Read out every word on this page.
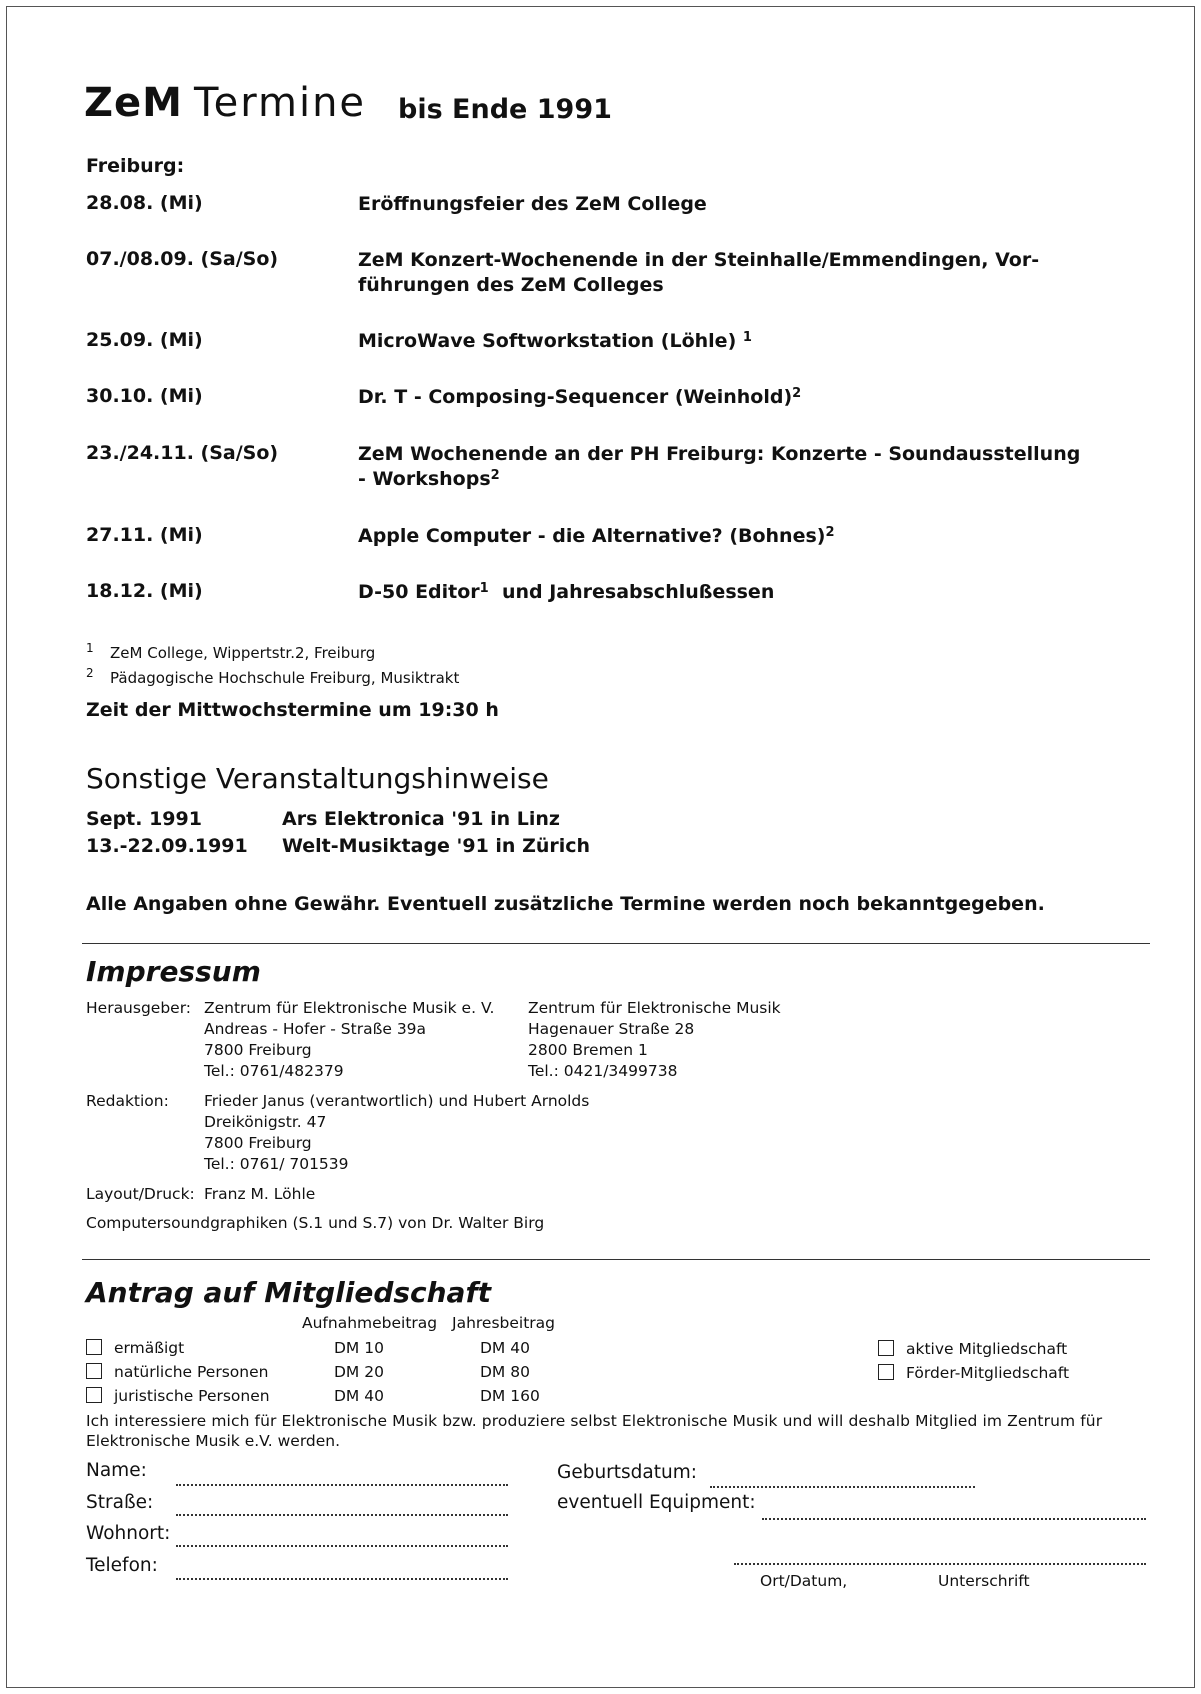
ZeM Termine bis Ende 1991
Freiburg:
28.08. (Mi)	Eröffnungsfeier des ZeM College
07./08.09. (Sa/So)	ZeM Konzert-Wochenende in der Steinhalle/Emmendingen, Vor-
führungen des ZeM Colleges
25.09. (Mi)	MicroWave Softworkstation (Löhle) $^1$
30.10. (Mi)	Dr. T - Composing-Sequencer (Weinhold)$^2$
23./24.11. (Sa/So)	ZeM Wochenende an der PH Freiburg: Konzerte - Soundausstellung
- Workshops$^2$
27.11. (Mi)	Apple Computer - die Alternative? (Bohnes)$^2$
18.12. (Mi)	D-50 Editor$^1$ und Jahresabschlußessen
1 ZeM College, Wippertstr.2, Freiburg
2 Pädagogische Hochschule Freiburg, Musiktrakt
Zeit der Mittwochstermine um 19:30 h
Sonstige Veranstaltungshinweise
Sept. 1991	Ars Elektronica '91 in Linz
13.-22.09.1991 Welt-Musiktage '91 in Zürich
Alle Angaben ohne Gewähr. Eventuell zusätzliche Termine werden noch bekanntgegeben.
Impressum
Herausgeber: Zentrum für Elektronische Musik e. V.
Andreas - Hofer - Straße 39a
7800 Freiburg
Tel.: 0761/482379
Zentrum für Elektronische Musik
Hagenauer Straße 28
2800 Bremen 1
Tel.: 0421/3499738
Redaktion: Frieder Janus (verantwortlich) und Hubert Arnolds
Dreikönigstr. 47
7800 Freiburg
Tel.: 0761/ 701539
Layout/Druck: Franz M. Löhle
Computersoundgraphiken (S.1 und S.7) von Dr. Walter Birg
Antrag auf Mitgliedschaft
Aufnahmebeitrag Jahresbeitrag
ermäßigt	DM 10	DM 40
natürliche Personen	DM 20	DM 80
juristische Personen	DM 40	DM 160
aktive Mitgliedschaft
Förder-Mitgliedschaft
Ich interessiere mich für Elektronische Musik bzw. produziere selbst Elektronische Musik und will deshalb Mitglied im Zentrum für
Elektronische Musik e.V. werden.
Name:
Straße:
Wohnort:
Telefon:
Geburtsdatum:
eventuell Equipment:
Ort/Datum,	Unterschrift
